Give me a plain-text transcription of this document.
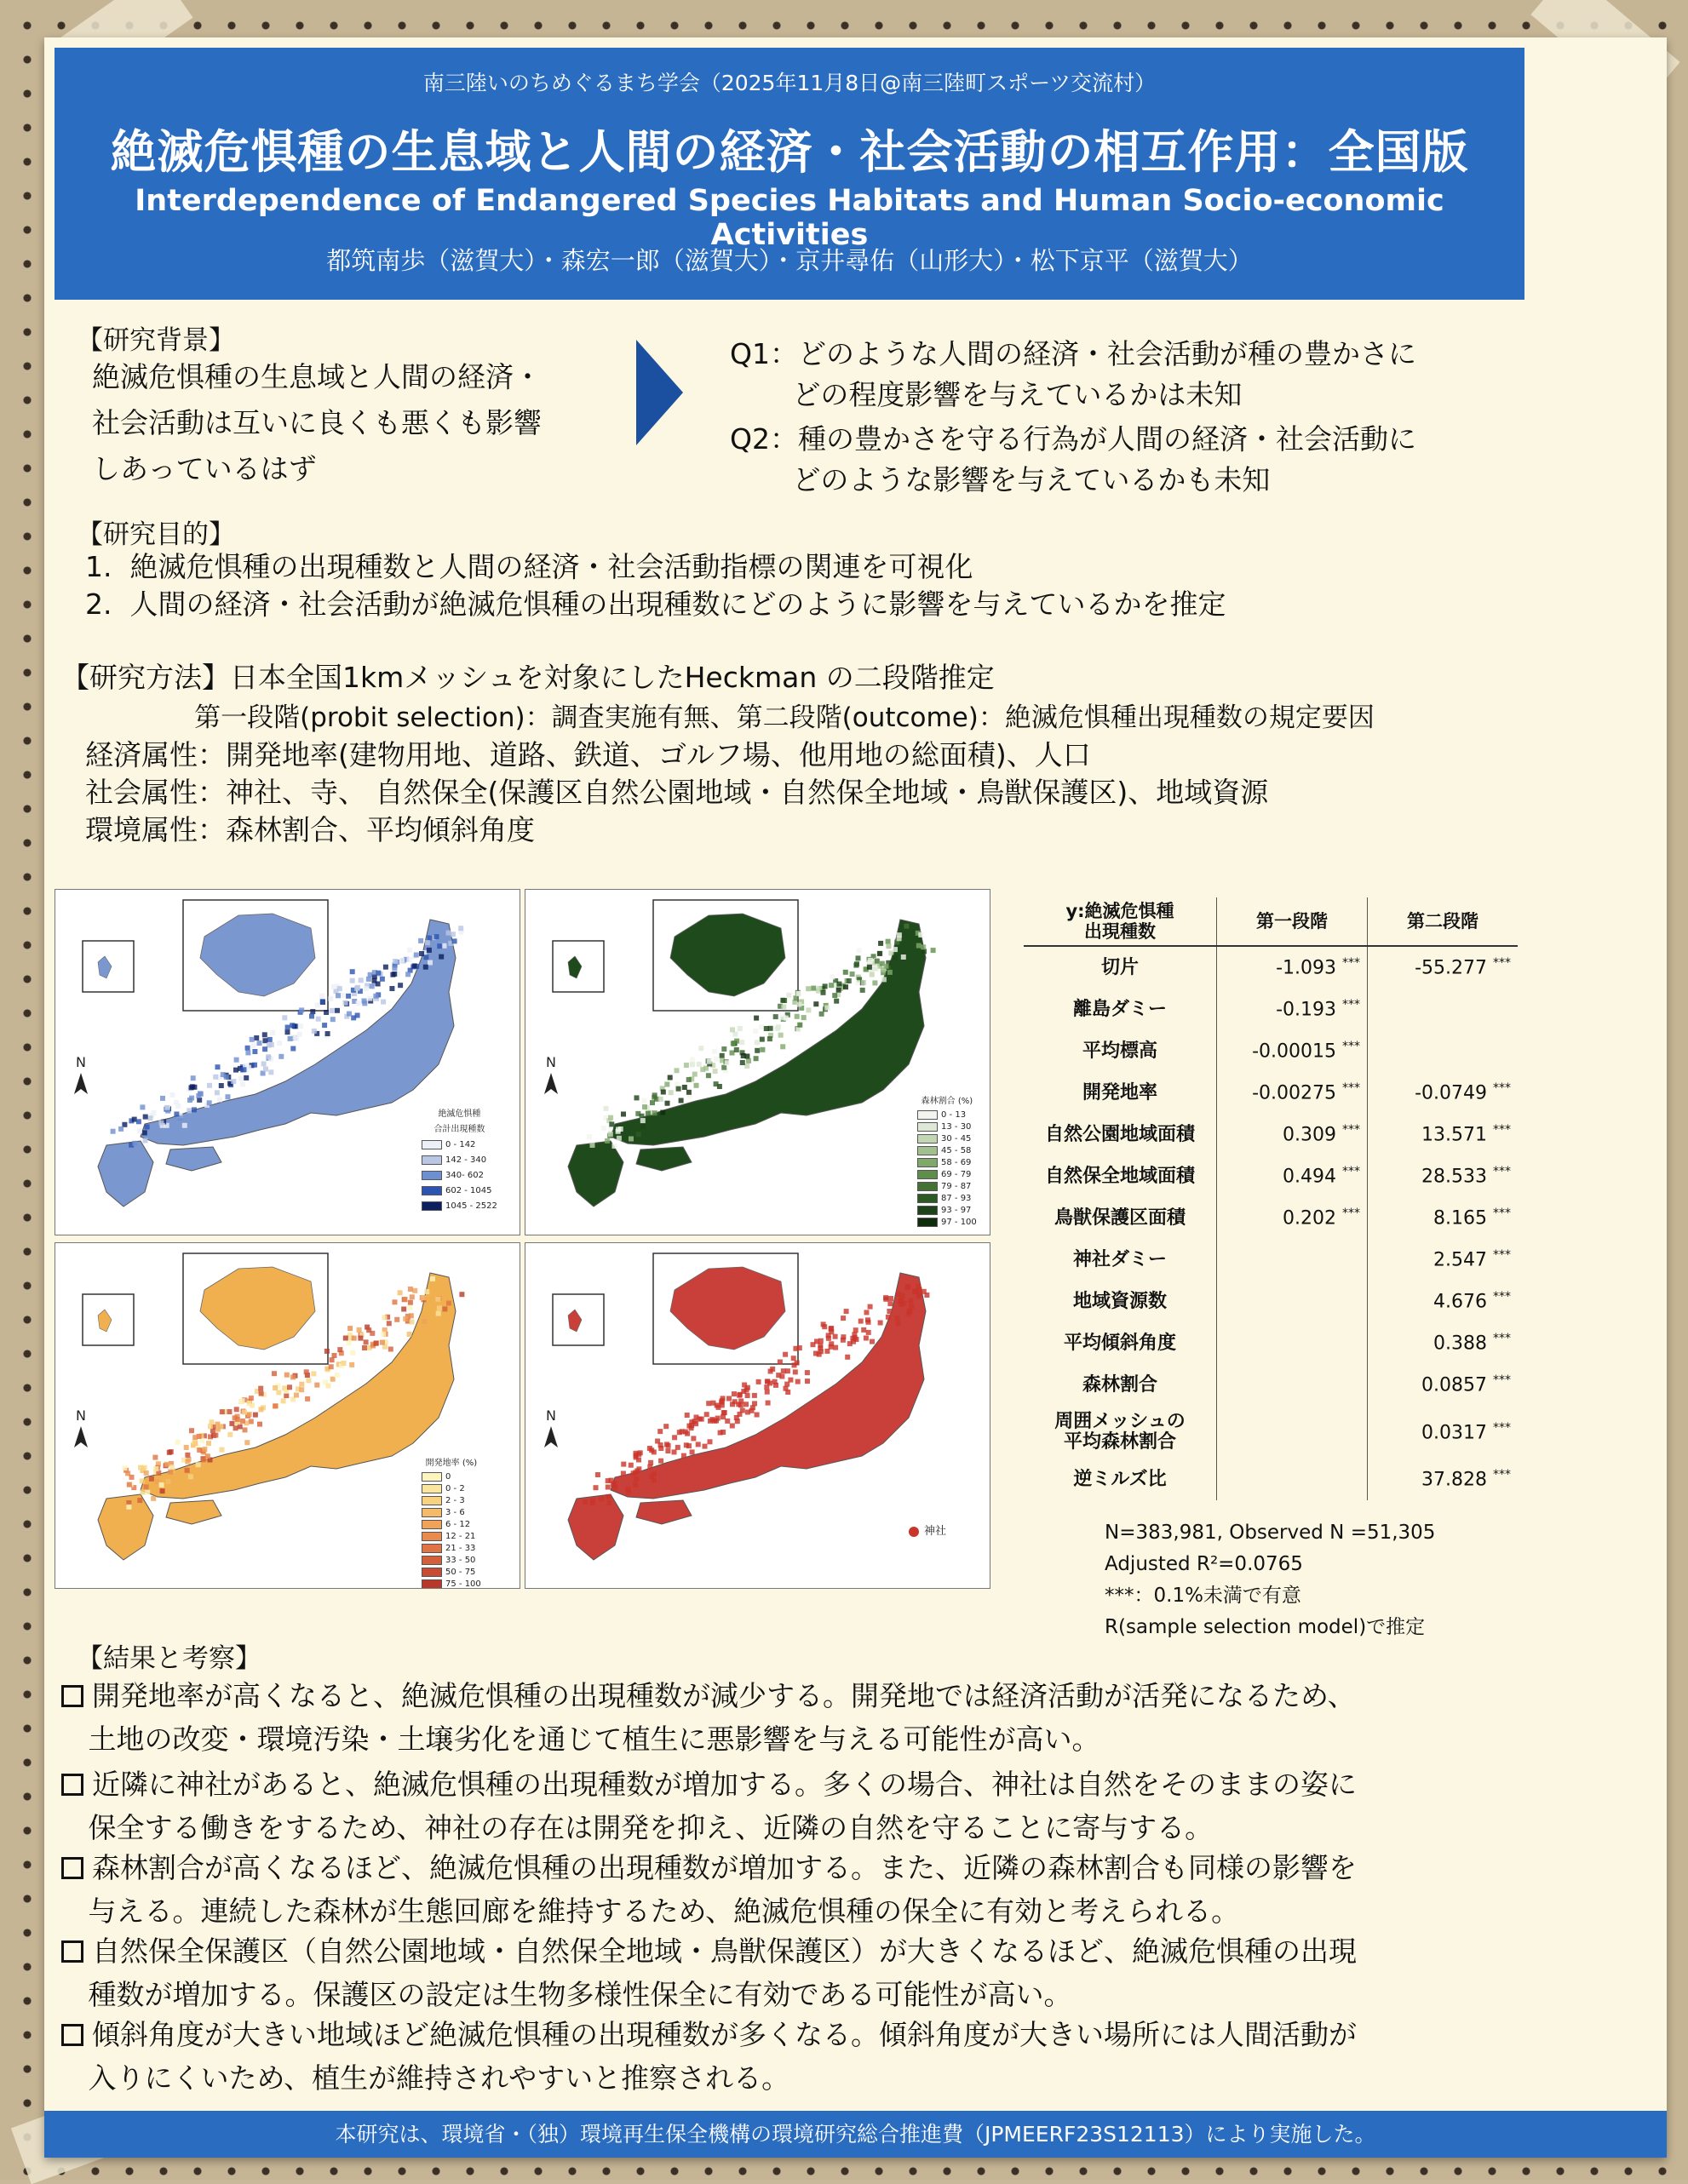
南三陸いのちめぐるまち学会（2025年11月8日@南三陸町スポーツ交流村）
絶滅危惧種の生息域と人間の経済・社会活動の相互作用：全国版
Interdependence of Endangered Species Habitats and Human Socio-economic Activities
都筑南歩（滋賀大）・森宏一郎（滋賀大）・京井尋佑（山形大）・松下京平（滋賀大）
【研究背景】
絶滅危惧種の生息域と人間の経済・
社会活動は互いに良くも悪くも影響
しあっているはず
Q1：どのような人間の経済・社会活動が種の豊かさに
どの程度影響を与えているかは未知
Q2：種の豊かさを守る行為が人間の経済・社会活動に
どのような影響を与えているかも未知
【研究目的】
1.  絶滅危惧種の出現種数と人間の経済・社会活動指標の関連を可視化
2.  人間の経済・社会活動が絶滅危惧種の出現種数にどのように影響を与えているかを推定
【研究方法】日本全国1kmメッシュを対象にしたHeckman の二段階推定
第一段階(probit selection)：調査実施有無、第二段階(outcome)：絶滅危惧種出現種数の規定要因
経済属性：開発地率(建物用地、道路、鉄道、ゴルフ場、他用地の総面積)、人口
社会属性：神社、寺、 自然保全(保護区自然公園地域・自然保全地域・鳥獣保護区)、地域資源
環境属性：森林割合、平均傾斜角度
N
絶滅危惧種
合計出現種数
0 - 142
142 - 340
340- 602
602 - 1045
1045 - 2522
N
森林割合 (%)
0 - 13
13 - 30
30 - 45
45 - 58
58 - 69
69 - 79
79 - 87
87 - 93
93 - 97
97 - 100
N
開発地率 (%)
0
0 - 2
2 - 3
3 - 6
6 - 12
12 - 21
21 - 33
33 - 50
50 - 75
75 - 100
N
神社
y:絶滅危惧種
出現種数	第一段階	第二段階
切片	-1.093 ***	-55.277 ***
離島ダミー	-0.193 ***	
平均標高	-0.00015 ***	
開発地率	-0.00275 ***	-0.0749 ***
自然公園地域面積	0.309 ***	13.571 ***
自然保全地域面積	0.494 ***	28.533 ***
鳥獣保護区面積	0.202 ***	8.165 ***
神社ダミー		2.547 ***
地域資源数		4.676 ***
平均傾斜角度		0.388 ***
森林割合		0.0857 ***
周囲メッシュの
平均森林割合		0.0317 ***
逆ミルズ比		37.828 ***
N=383,981, Observed N =51,305
Adjusted R²=0.0765
***：0.1%未満で有意
R(sample selection model)で推定
【結果と考察】
開発地率が高くなると、絶滅危惧種の出現種数が減少する。開発地では経済活動が活発になるため、
土地の改変・環境汚染・土壌劣化を通じて植生に悪影響を与える可能性が高い。
近隣に神社があると、絶滅危惧種の出現種数が増加する。多くの場合、神社は自然をそのままの姿に
保全する働きをするため、神社の存在は開発を抑え、近隣の自然を守ることに寄与する。
森林割合が高くなるほど、絶滅危惧種の出現種数が増加する。また、近隣の森林割合も同様の影響を
与える。連続した森林が生態回廊を維持するため、絶滅危惧種の保全に有効と考えられる。
自然保全保護区（自然公園地域・自然保全地域・鳥獣保護区）が大きくなるほど、絶滅危惧種の出現
種数が増加する。保護区の設定は生物多様性保全に有効である可能性が高い。
傾斜角度が大きい地域ほど絶滅危惧種の出現種数が多くなる。傾斜角度が大きい場所には人間活動が
入りにくいため、植生が維持されやすいと推察される。
本研究は、環境省・（独）環境再生保全機構の環境研究総合推進費（JPMEERF23S12113）により実施した。
